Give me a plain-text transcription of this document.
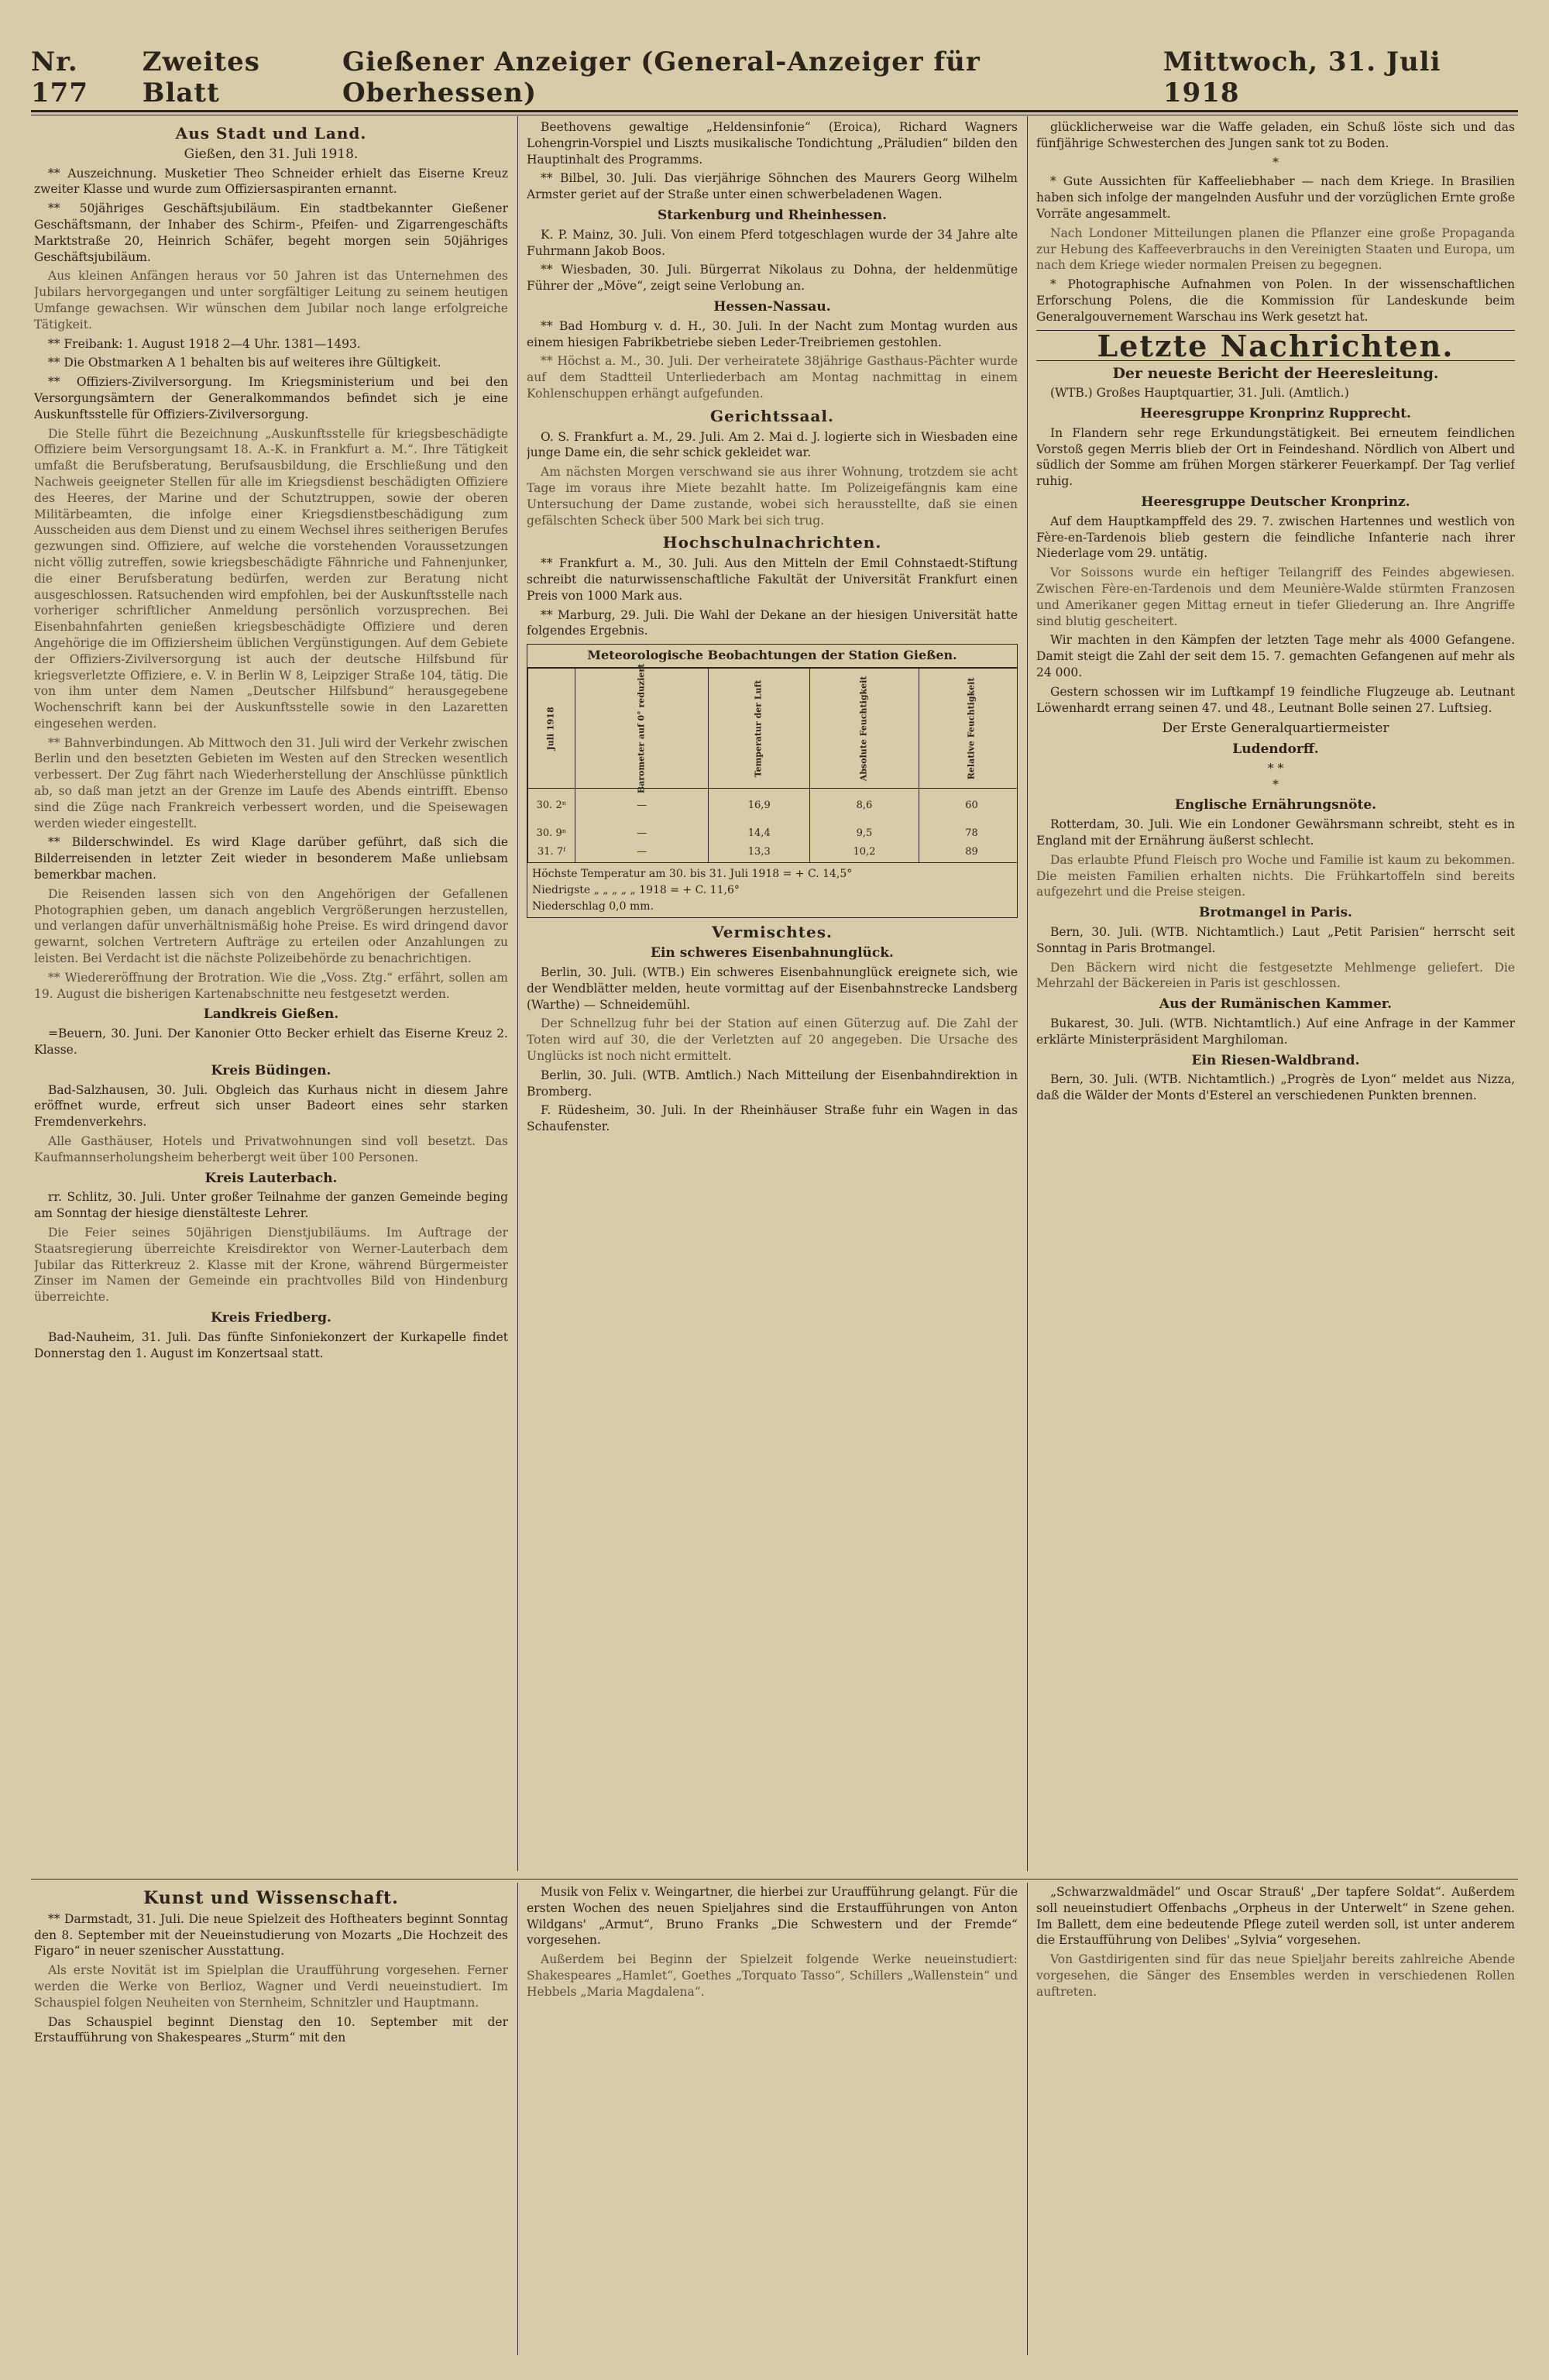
Nr. 177
Zweites Blatt
Gießener Anzeiger (General-Anzeiger für Oberhessen)
Mittwoch, 31. Juli 1918
Aus Stadt und Land.
Gießen, den 31. Juli 1918.

** Auszeichnung. Musketier Theo Schneider erhielt das Eiserne Kreuz zweiter Klasse und wurde zum Offiziersaspiranten ernannt.

** 50jähriges Geschäftsjubiläum. Ein stadtbekannter Gießener Geschäftsmann, der Inhaber des Schirm-, Pfeifen- und Zigarrengeschäfts Marktstraße 20, Heinrich Schäfer, begeht morgen sein 50jähriges Geschäftsjubiläum.

Aus kleinen Anfängen heraus vor 50 Jahren ist das Unternehmen des Jubilars hervorgegangen und unter sorgfältiger Leitung zu seinem heutigen Umfange gewachsen. Wir wünschen dem Jubilar noch lange erfolgreiche Tätigkeit.

** Freibank: 1. August 1918 2—4 Uhr. 1381—1493.

** Die Obstmarken A 1 behalten bis auf weiteres ihre Gültigkeit.

** Offiziers-Zivilversorgung. Im Kriegsministerium und bei den Versorgungsämtern der Generalkommandos befindet sich je eine Auskunftsstelle für Offiziers-Zivilversorgung.

Die Stelle führt die Bezeichnung „Auskunftsstelle für kriegsbeschädigte Offiziere beim Versorgungsamt 18. A.-K. in Frankfurt a. M.“. Ihre Tätigkeit umfaßt die Berufsberatung, Berufsausbildung, die Erschließung und den Nachweis geeigneter Stellen für alle im Kriegsdienst beschädigten Offiziere des Heeres, der Marine und der Schutztruppen, sowie der oberen Militärbeamten, die infolge einer Kriegsdienstbeschädigung zum Ausscheiden aus dem Dienst und zu einem Wechsel ihres seitherigen Berufes gezwungen sind. Offiziere, auf welche die vorstehenden Voraussetzungen nicht völlig zutreffen, sowie kriegsbeschädigte Fähnriche und Fahnenjunker, die einer Berufsberatung bedürfen, werden zur Beratung nicht ausgeschlossen. Ratsuchenden wird empfohlen, bei der Auskunftsstelle nach vorheriger schriftlicher Anmeldung persönlich vorzusprechen. Bei Eisenbahnfahrten genießen kriegsbeschädigte Offiziere und deren Angehörige die im Offiziersheim üblichen Vergünstigungen. Auf dem Gebiete der Offiziers-Zivilversorgung ist auch der deutsche Hilfsbund für kriegsverletzte Offiziere, e. V. in Berlin W 8, Leipziger Straße 104, tätig. Die von ihm unter dem Namen „Deutscher Hilfsbund“ herausgegebene Wochenschrift kann bei der Auskunftsstelle sowie in den Lazaretten eingesehen werden.

** Bahnverbindungen. Ab Mittwoch den 31. Juli wird der Verkehr zwischen Berlin und den besetzten Gebieten im Westen auf den Strecken wesentlich verbessert. Der Zug fährt nach Wiederherstellung der Anschlüsse pünktlich ab, so daß man jetzt an der Grenze im Laufe des Abends eintrifft. Ebenso sind die Züge nach Frankreich verbessert worden, und die Speisewagen werden wieder eingestellt.

** Bilderschwindel. Es wird Klage darüber geführt, daß sich die Bilderreisenden in letzter Zeit wieder in besonderem Maße unliebsam bemerkbar machen.

Die Reisenden lassen sich von den Angehörigen der Gefallenen Photographien geben, um danach angeblich Vergrößerungen herzustellen, und verlangen dafür unverhältnismäßig hohe Preise. Es wird dringend davor gewarnt, solchen Vertretern Aufträge zu erteilen oder Anzahlungen zu leisten. Bei Verdacht ist die nächste Polizeibehörde zu benachrichtigen.

** Wiedereröffnung der Brotration. Wie die „Voss. Ztg.“ erfährt, sollen am 19. August die bisherigen Kartenabschnitte neu festgesetzt werden.

Landkreis Gießen.

=Beuern, 30. Juni. Der Kanonier Otto Becker erhielt das Eiserne Kreuz 2. Klasse.

Kreis Büdingen.

Bad-Salzhausen, 30. Juli. Obgleich das Kurhaus nicht in diesem Jahre eröffnet wurde, erfreut sich unser Badeort eines sehr starken Fremdenverkehrs.

Alle Gasthäuser, Hotels und Privatwohnungen sind voll besetzt. Das Kaufmannserholungsheim beherbergt weit über 100 Personen.

Kreis Lauterbach.

rr. Schlitz, 30. Juli. Unter großer Teilnahme der ganzen Gemeinde beging am Sonntag der hiesige dienstälteste Lehrer.

Die Feier seines 50jährigen Dienstjubiläums. Im Auftrage der Staatsregierung überreichte Kreisdirektor von Werner-Lauterbach dem Jubilar das Ritterkreuz 2. Klasse mit der Krone, während Bürgermeister Zinser im Namen der Gemeinde ein prachtvolles Bild von Hindenburg überreichte.

Kreis Friedberg.

Bad-Nauheim, 31. Juli. Das fünfte Sinfoniekonzert der Kurkapelle findet Donnerstag den 1. August im Konzertsaal statt.

Beethovens gewaltige „Heldensinfonie“ (Eroica), Richard Wagners Lohengrin-Vorspiel und Liszts musikalische Tondichtung „Präludien“ bilden den Hauptinhalt des Programms.

** Bilbel, 30. Juli. Das vierjährige Söhnchen des Maurers Georg Wilhelm Armster geriet auf der Straße unter einen schwerbeladenen Wagen.

Starkenburg und Rheinhessen.

K. P. Mainz, 30. Juli. Von einem Pferd totgeschlagen wurde der 34 Jahre alte Fuhrmann Jakob Boos.

** Wiesbaden, 30. Juli. Bürgerrat Nikolaus zu Dohna, der heldenmütige Führer der „Möve“, zeigt seine Verlobung an.

Hessen-Nassau.

** Bad Homburg v. d. H., 30. Juli. In der Nacht zum Montag wurden aus einem hiesigen Fabrikbetriebe sieben Leder-Treibriemen gestohlen.

** Höchst a. M., 30. Juli. Der verheiratete 38jährige Gasthaus-Pächter wurde auf dem Stadtteil Unterliederbach am Montag nachmittag in einem Kohlenschuppen erhängt aufgefunden.

Gerichtssaal.

O. S. Frankfurt a. M., 29. Juli. Am 2. Mai d. J. logierte sich in Wiesbaden eine junge Dame ein, die sehr schick gekleidet war.

Am nächsten Morgen verschwand sie aus ihrer Wohnung, trotzdem sie acht Tage im voraus ihre Miete bezahlt hatte. Im Polizeigefängnis kam eine Untersuchung der Dame zustande, wobei sich herausstellte, daß sie einen gefälschten Scheck über 500 Mark bei sich trug.

Hochschulnachrichten.

** Frankfurt a. M., 30. Juli. Aus den Mitteln der Emil Cohnstaedt-Stiftung schreibt die naturwissenschaftliche Fakultät der Universität Frankfurt einen Preis von 1000 Mark aus.

** Marburg, 29. Juli. Die Wahl der Dekane an der hiesigen Universität hatte folgendes Ergebnis.

Meteorologische Beobachtungen der Station Gießen.
Juli 1918	Barometer auf 0° reduziert	Temperatur der Luft	Absolute Feuchtigkeit	Relative Feuchtigkeit				
30. 2ⁿ	—	16,9	8,6	60				
30. 9ⁿ	—	14,4	9,5	78				
31. 7ᶠ	—	13,3	10,2	89				
Höchste Temperatur am 30. bis 31. Juli 1918 = + C. 14,5°
Niedrigste „ „ „ „ „ 1918 = + C. 11,6°
Niederschlag 0,0 mm.
Vermischtes.
Ein schweres Eisenbahnunglück.

Berlin, 30. Juli. (WTB.) Ein schweres Eisenbahnunglück ereignete sich, wie der Wendblätter melden, heute vormittag auf der Eisenbahnstrecke Landsberg (Warthe) — Schneidemühl.

Der Schnellzug fuhr bei der Station auf einen Güterzug auf. Die Zahl der Toten wird auf 30, die der Verletzten auf 20 angegeben. Die Ursache des Unglücks ist noch nicht ermittelt.

Berlin, 30. Juli. (WTB. Amtlich.) Nach Mitteilung der Eisenbahndirektion in Bromberg.

F. Rüdesheim, 30. Juli. In der Rheinhäuser Straße fuhr ein Wagen in das Schaufenster.

glücklicherweise war die Waffe geladen, ein Schuß löste sich und das fünfjährige Schwesterchen des Jungen sank tot zu Boden.

*

* Gute Aussichten für Kaffeeliebhaber — nach dem Kriege. In Brasilien haben sich infolge der mangelnden Ausfuhr und der vorzüglichen Ernte große Vorräte angesammelt.

Nach Londoner Mitteilungen planen die Pflanzer eine große Propaganda zur Hebung des Kaffeeverbrauchs in den Vereinigten Staaten und Europa, um nach dem Kriege wieder normalen Preisen zu begegnen.

* Photographische Aufnahmen von Polen. In der wissenschaftlichen Erforschung Polens, die die Kommission für Landeskunde beim Generalgouvernement Warschau ins Werk gesetzt hat.

Letzte Nachrichten.
Der neueste Bericht der Heeresleitung.

(WTB.) Großes Hauptquartier, 31. Juli. (Amtlich.)

Heeresgruppe Kronprinz Rupprecht.

In Flandern sehr rege Erkundungstätigkeit. Bei erneutem feindlichen Vorstoß gegen Merris blieb der Ort in Feindeshand. Nördlich von Albert und südlich der Somme am frühen Morgen stärkerer Feuerkampf. Der Tag verlief ruhig.

Heeresgruppe Deutscher Kronprinz.

Auf dem Hauptkampffeld des 29. 7. zwischen Hartennes und westlich von Fère-en-Tardenois blieb gestern die feindliche Infanterie nach ihrer Niederlage vom 29. untätig.

Vor Soissons wurde ein heftiger Teilangriff des Feindes abgewiesen. Zwischen Fère-en-Tardenois und dem Meunière-Walde stürmten Franzosen und Amerikaner gegen Mittag erneut in tiefer Gliederung an. Ihre Angriffe sind blutig gescheitert.

Wir machten in den Kämpfen der letzten Tage mehr als 4000 Gefangene. Damit steigt die Zahl der seit dem 15. 7. gemachten Gefangenen auf mehr als 24 000.

Gestern schossen wir im Luftkampf 19 feindliche Flugzeuge ab. Leutnant Löwenhardt errang seinen 47. und 48., Leutnant Bolle seinen 27. Luftsieg.

Der Erste Generalquartiermeister
Ludendorff.
* *
*
Englische Ernährungsnöte.

Rotterdam, 30. Juli. Wie ein Londoner Gewährsmann schreibt, steht es in England mit der Ernährung äußerst schlecht.

Das erlaubte Pfund Fleisch pro Woche und Familie ist kaum zu bekommen. Die meisten Familien erhalten nichts. Die Frühkartoffeln sind bereits aufgezehrt und die Preise steigen.

Brotmangel in Paris.

Bern, 30. Juli. (WTB. Nichtamtlich.) Laut „Petit Parisien“ herrscht seit Sonntag in Paris Brotmangel.

Den Bäckern wird nicht die festgesetzte Mehlmenge geliefert. Die Mehrzahl der Bäckereien in Paris ist geschlossen.

Aus der Rumänischen Kammer.

Bukarest, 30. Juli. (WTB. Nichtamtlich.) Auf eine Anfrage in der Kammer erklärte Ministerpräsident Marghiloman.

Ein Riesen-Waldbrand.

Bern, 30. Juli. (WTB. Nichtamtlich.) „Progrès de Lyon“ meldet aus Nizza, daß die Wälder der Monts d'Esterel an verschiedenen Punkten brennen.

Kunst und Wissenschaft.

** Darmstadt, 31. Juli. Die neue Spielzeit des Hoftheaters beginnt Sonntag den 8. September mit der Neueinstudierung von Mozarts „Die Hochzeit des Figaro“ in neuer szenischer Ausstattung.

Als erste Novität ist im Spielplan die Uraufführung vorgesehen. Ferner werden die Werke von Berlioz, Wagner und Verdi neueinstudiert. Im Schauspiel folgen Neuheiten von Sternheim, Schnitzler und Hauptmann.

Das Schauspiel beginnt Dienstag den 10. September mit der Erstaufführung von Shakespeares „Sturm“ mit den

Musik von Felix v. Weingartner, die hierbei zur Uraufführung gelangt. Für die ersten Wochen des neuen Spieljahres sind die Erstaufführungen von Anton Wildgans' „Armut“, Bruno Franks „Die Schwestern und der Fremde“ vorgesehen.

Außerdem bei Beginn der Spielzeit folgende Werke neueinstudiert: Shakespeares „Hamlet“, Goethes „Torquato Tasso“, Schillers „Wallenstein“ und Hebbels „Maria Magdalena“.

„Schwarzwaldmädel“ und Oscar Strauß' „Der tapfere Soldat“. Außerdem soll neueinstudiert Offenbachs „Orpheus in der Unterwelt“ in Szene gehen. Im Ballett, dem eine bedeutende Pflege zuteil werden soll, ist unter anderem die Erstaufführung von Delibes' „Sylvia“ vorgesehen.

Von Gastdirigenten sind für das neue Spieljahr bereits zahlreiche Abende vorgesehen, die Sänger des Ensembles werden in verschiedenen Rollen auftreten.
